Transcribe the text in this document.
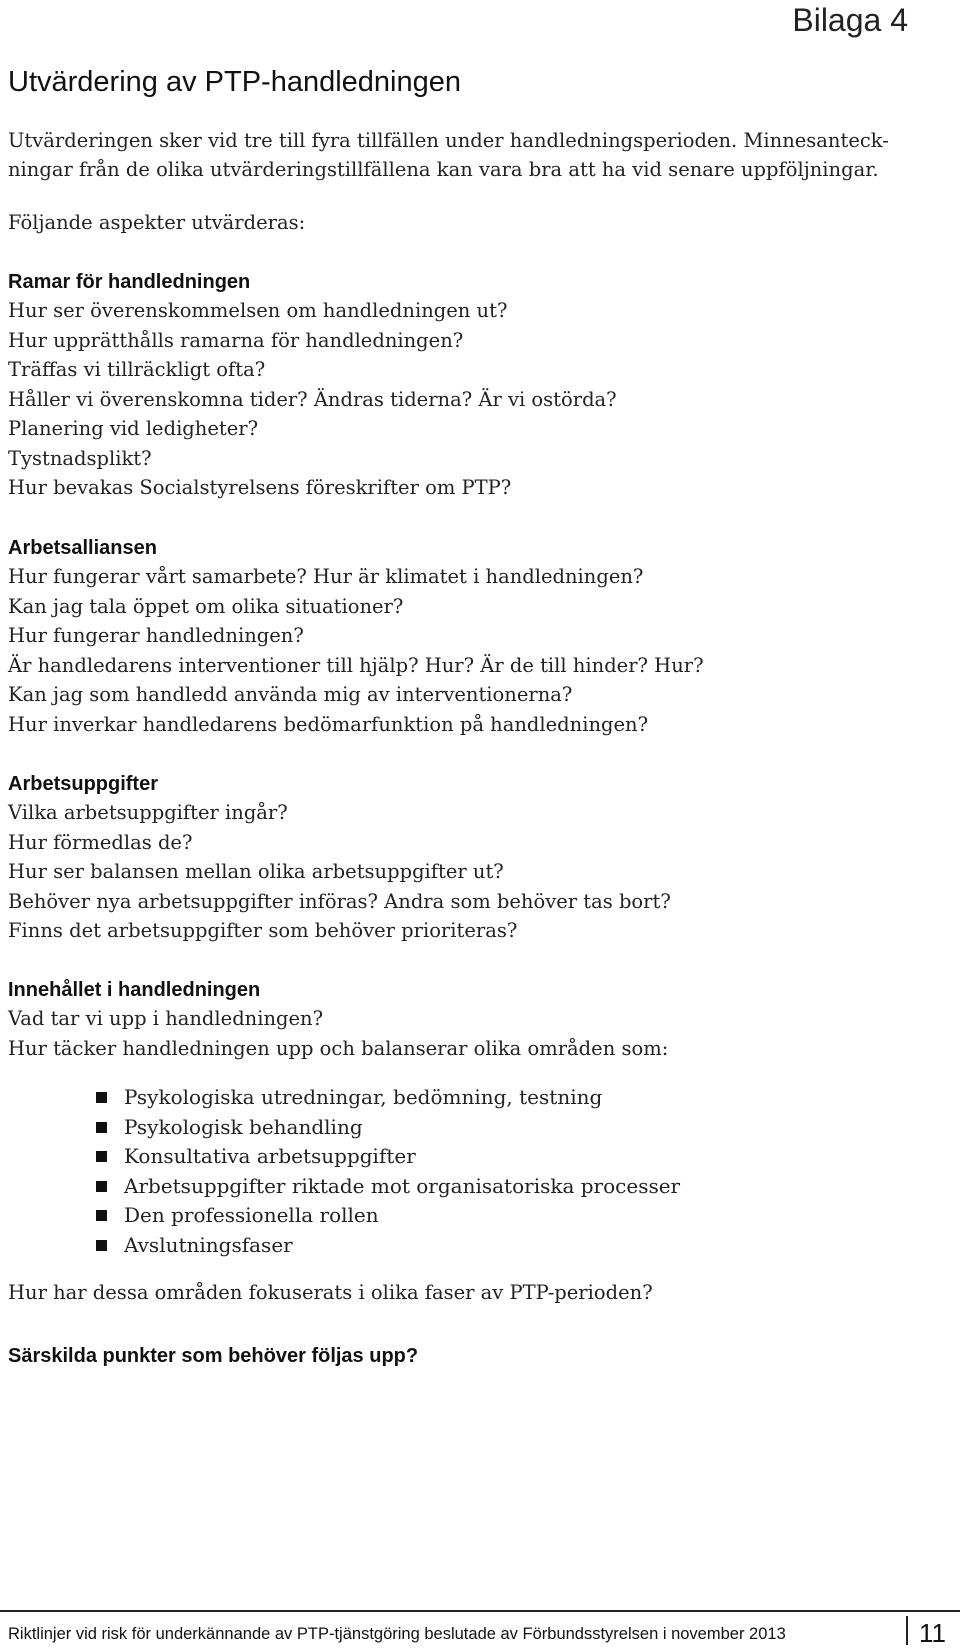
Bilaga 4
Utvärdering av PTP-handledningen

Utvärderingen sker vid tre till fyra tillfällen under handledningsperioden. Minnesanteck-

ningar från de olika utvärderingstillfällena kan vara bra att ha vid senare uppföljningar.

Följande aspekter utvärderas:

Ramar för handledningen
Hur ser överenskommelsen om handledningen ut?
Hur upprätthålls ramarna för handledningen?
Träffas vi tillräckligt ofta?
Håller vi överenskomna tider? Ändras tiderna? Är vi ostörda?
Planering vid ledigheter?
Tystnadsplikt?
Hur bevakas Socialstyrelsens föreskrifter om PTP?
Arbetsalliansen
Hur fungerar vårt samarbete? Hur är klimatet i handledningen?
Kan jag tala öppet om olika situationer?
Hur fungerar handledningen?
Är handledarens interventioner till hjälp? Hur? Är de till hinder? Hur?
Kan jag som handledd använda mig av interventionerna?
Hur inverkar handledarens bedömarfunktion på handledningen?
Arbetsuppgifter
Vilka arbetsuppgifter ingår?
Hur förmedlas de?
Hur ser balansen mellan olika arbetsuppgifter ut?
Behöver nya arbetsuppgifter införas? Andra som behöver tas bort?
Finns det arbetsuppgifter som behöver prioriteras?
Innehållet i handledningen
Vad tar vi upp i handledningen?
Hur täcker handledningen upp och balanserar olika områden som:
Psykologiska utredningar, bedömning, testning
Psykologisk behandling
Konsultativa arbetsuppgifter
Arbetsuppgifter riktade mot organisatoriska processer
Den professionella rollen
Avslutningsfaser

Hur har dessa områden fokuserats i olika faser av PTP-perioden?

Särskilda punkter som behöver följas upp?
Riktlinjer vid risk för underkännande av PTP-tjänstgöring beslutade av Förbundsstyrelsen i november 2013	11
